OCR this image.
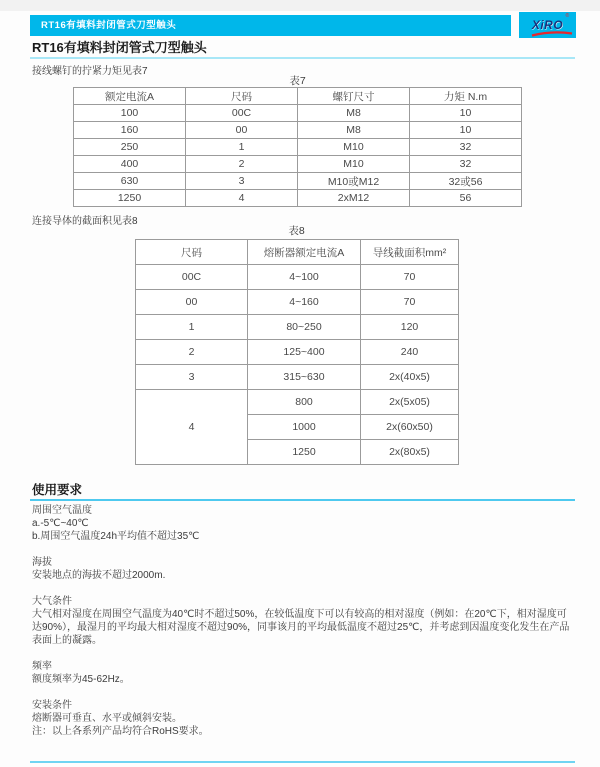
RT16有填料封闭管式刀型触头	XiRO
®
RT16有填料封闭管式刀型触头
接线螺钉的拧紧力矩见表7
表7
额定电流A	尺码	螺钉尺寸	力矩 N.m
100	00C	M8	10
160	00	M8	10
250	1	M10	32
400	2	M10	32
630	3	M10或M12	32或56
1250	4	2xM12	56
连接导体的截面积见表8
表8
尺码	熔断器额定电流A	导线截面积mm²
00C	4~100	70
00	4~160	70
1	80~250	120
2	125~400	240
3	315~630	2x(40x5)
4	800	2x(5x05)
	1000	2x(60x50)
	1250	2x(80x5)
使用要求
周围空气温度
a.-5℃~40℃
b.周围空气温度24h平均值不超过35℃
海拔
安装地点的海拔不超过2000m.
大气条件
大气相对湿度在周围空气温度为40℃时不超过50%，在较低温度下可以有较高的相对湿度（例如：在20℃下，相对湿度可达90%），最湿月的平均最大相对湿度不超过90%，同事该月的平均最低温度不超过25℃，并考虑到因温度变化发生在产品表面上的凝露。
频率
额度频率为45-62Hz。
安装条件
熔断器可垂直、水平或倾斜安装。
注：以上各系列产品均符合RoHS要求。
